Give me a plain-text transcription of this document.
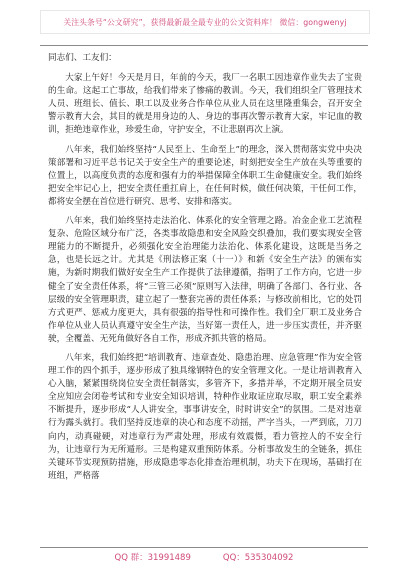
关注头条号“公文研究”，获得最新最全最专业的公文资料库！ 微信：gongwenyj

同志们、工友们：

大家上午好！今天是月日，年前的今天，我厂一名职工因违章作业失去了宝贵的生命。这起工亡事故，给我们带来了惨痛的教训。今天，我们组织全厂管理技术人员、班组长、值长、职工以及业务合作单位从业人员在这里隆重集会，召开安全警示教育大会，其目的就是用身边的人、身边的事再次警示教育大家，牢记血的教训，拒绝违章作业，珍爱生命，守护安全，不让悲剧再次上演。

八年来，我们始终坚持“人民至上、生命至上”的理念，深入贯彻落实党中央决策部署和习近平总书记关于安全生产的重要论述，时刻把安全生产放在头等重要的位置上，以高度负责的态度和强有力的举措保障全体职工生命健康安全。我们始终把安全牢记心上，把安全责任重扛肩上，在任何时候，做任何决策，干任何工作，都将安全摆在首位进行研究、思考、安排和落实。

八年来，我们始终坚持走法治化、体系化的安全管理之路。冶金企业工艺流程复杂、危险区域分布广泛，各类事故隐患和安全风险交织叠加，我们要实现安全管理能力的不断提升，必须强化安全治理能力法治化、体系化建设，这既是当务之急，也是长远之计。尤其是《刑法修正案（十一）》和新《安全生产法》的颁布实施，为新时期我们做好安全生产工作提供了法律遵循，指明了工作方向，它进一步健全了安全责任体系，将“三管三必须”原则写入法律，明确了各部门、各行业、各层级的安全管理职责，建立起了一整套完善的责任体系；与修改前相比，它的处罚方式更严、惩戒力度更大，具有很强的指导性和可操作性。我们全厂职工及业务合作单位从业人员认真遵守安全生产法，当好第一责任人，进一步压实责任，并齐驱驶，全覆盖、无死角做好各自工作，形成齐抓共管的格局。

八年来，我们始终把“培训教育、违章查处、隐患治理、应急管理”作为安全管理工作的四个抓手，逐步形成了独具缘钢特色的安全管理文化。一是让培训教育入心入脑，紧紧围绕岗位安全责任制落实，多管齐下，多措并举，不定期开展全员安全应知应会闭卷考试和专业安全知识培训，特种作业取证应取尽取，职工安全素养不断提升，逐步形成“人人讲安全，事事讲安全，时时讲安全”的氛围。二是对违章行为露头就打。我们坚持反违章的决心和态度不动摇，严字当头，一严到底，刀刀向内，动真碰硬，对违章行为严肃处理，形成有效震慑，看力管控人的不安全行为，让违章行为无所遁形。三是构建双重预防体系。分析事故发生的全链条，抓住关键环节实现预防措施，形成隐患零态化排查治理机制，功夫下在现场，基础打在班组，严格落

QQ 群：31991489	QQ：535304092
